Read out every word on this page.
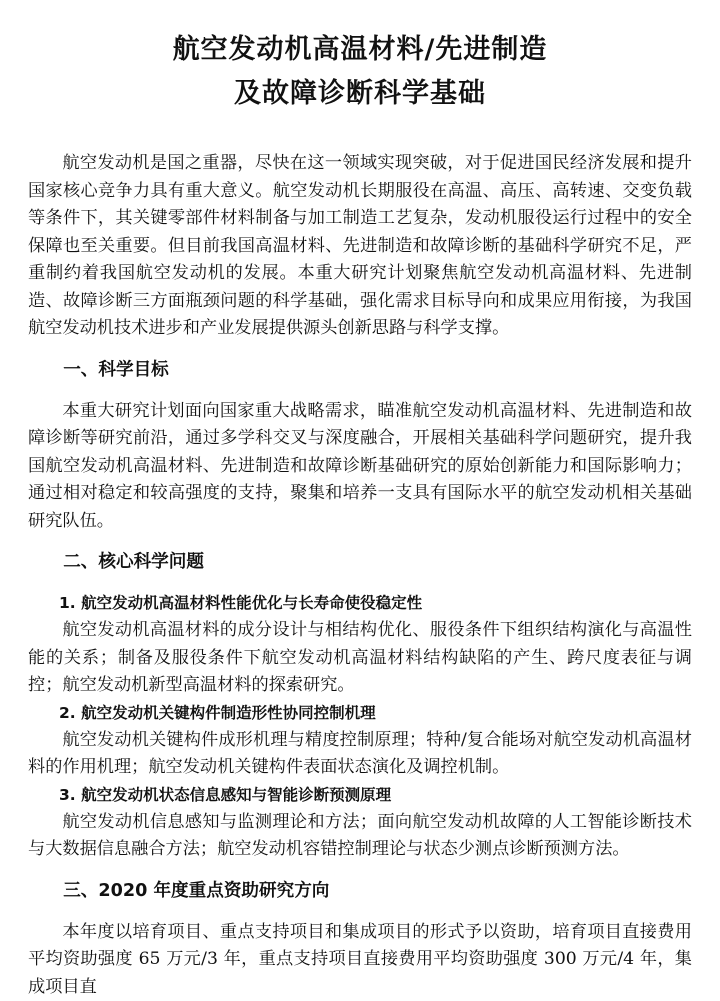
航空发动机高温材料/先进制造
及故障诊断科学基础

航空发动机是国之重器，尽快在这一领域实现突破，对于促进国民经济发展和提升国家核心竞争力具有重大意义。航空发动机长期服役在高温、高压、高转速、交变负载等条件下，其关键零部件材料制备与加工制造工艺复杂，发动机服役运行过程中的安全保障也至关重要。但目前我国高温材料、先进制造和故障诊断的基础科学研究不足，严重制约着我国航空发动机的发展。本重大研究计划聚焦航空发动机高温材料、先进制造、故障诊断三方面瓶颈问题的科学基础，强化需求目标导向和成果应用衔接，为我国航空发动机技术进步和产业发展提供源头创新思路与科学支撑。

一、科学目标

本重大研究计划面向国家重大战略需求，瞄准航空发动机高温材料、先进制造和故障诊断等研究前沿，通过多学科交叉与深度融合，开展相关基础科学问题研究，提升我国航空发动机高温材料、先进制造和故障诊断基础研究的原始创新能力和国际影响力；通过相对稳定和较高强度的支持，聚集和培养一支具有国际水平的航空发动机相关基础研究队伍。

二、核心科学问题
1. 航空发动机高温材料性能优化与长寿命使役稳定性

航空发动机高温材料的成分设计与相结构优化、服役条件下组织结构演化与高温性能的关系；制备及服役条件下航空发动机高温材料结构缺陷的产生、跨尺度表征与调控；航空发动机新型高温材料的探索研究。

2. 航空发动机关键构件制造形性协同控制机理

航空发动机关键构件成形机理与精度控制原理；特种/复合能场对航空发动机高温材料的作用机理；航空发动机关键构件表面状态演化及调控机制。

3. 航空发动机状态信息感知与智能诊断预测原理

航空发动机信息感知与监测理论和方法；面向航空发动机故障的人工智能诊断技术与大数据信息融合方法；航空发动机容错控制理论与状态少测点诊断预测方法。

三、2020 年度重点资助研究方向

本年度以培育项目、重点支持项目和集成项目的形式予以资助，培育项目直接费用平均资助强度 65 万元/3 年，重点支持项目直接费用平均资助强度 300 万元/4 年，集成项目直
